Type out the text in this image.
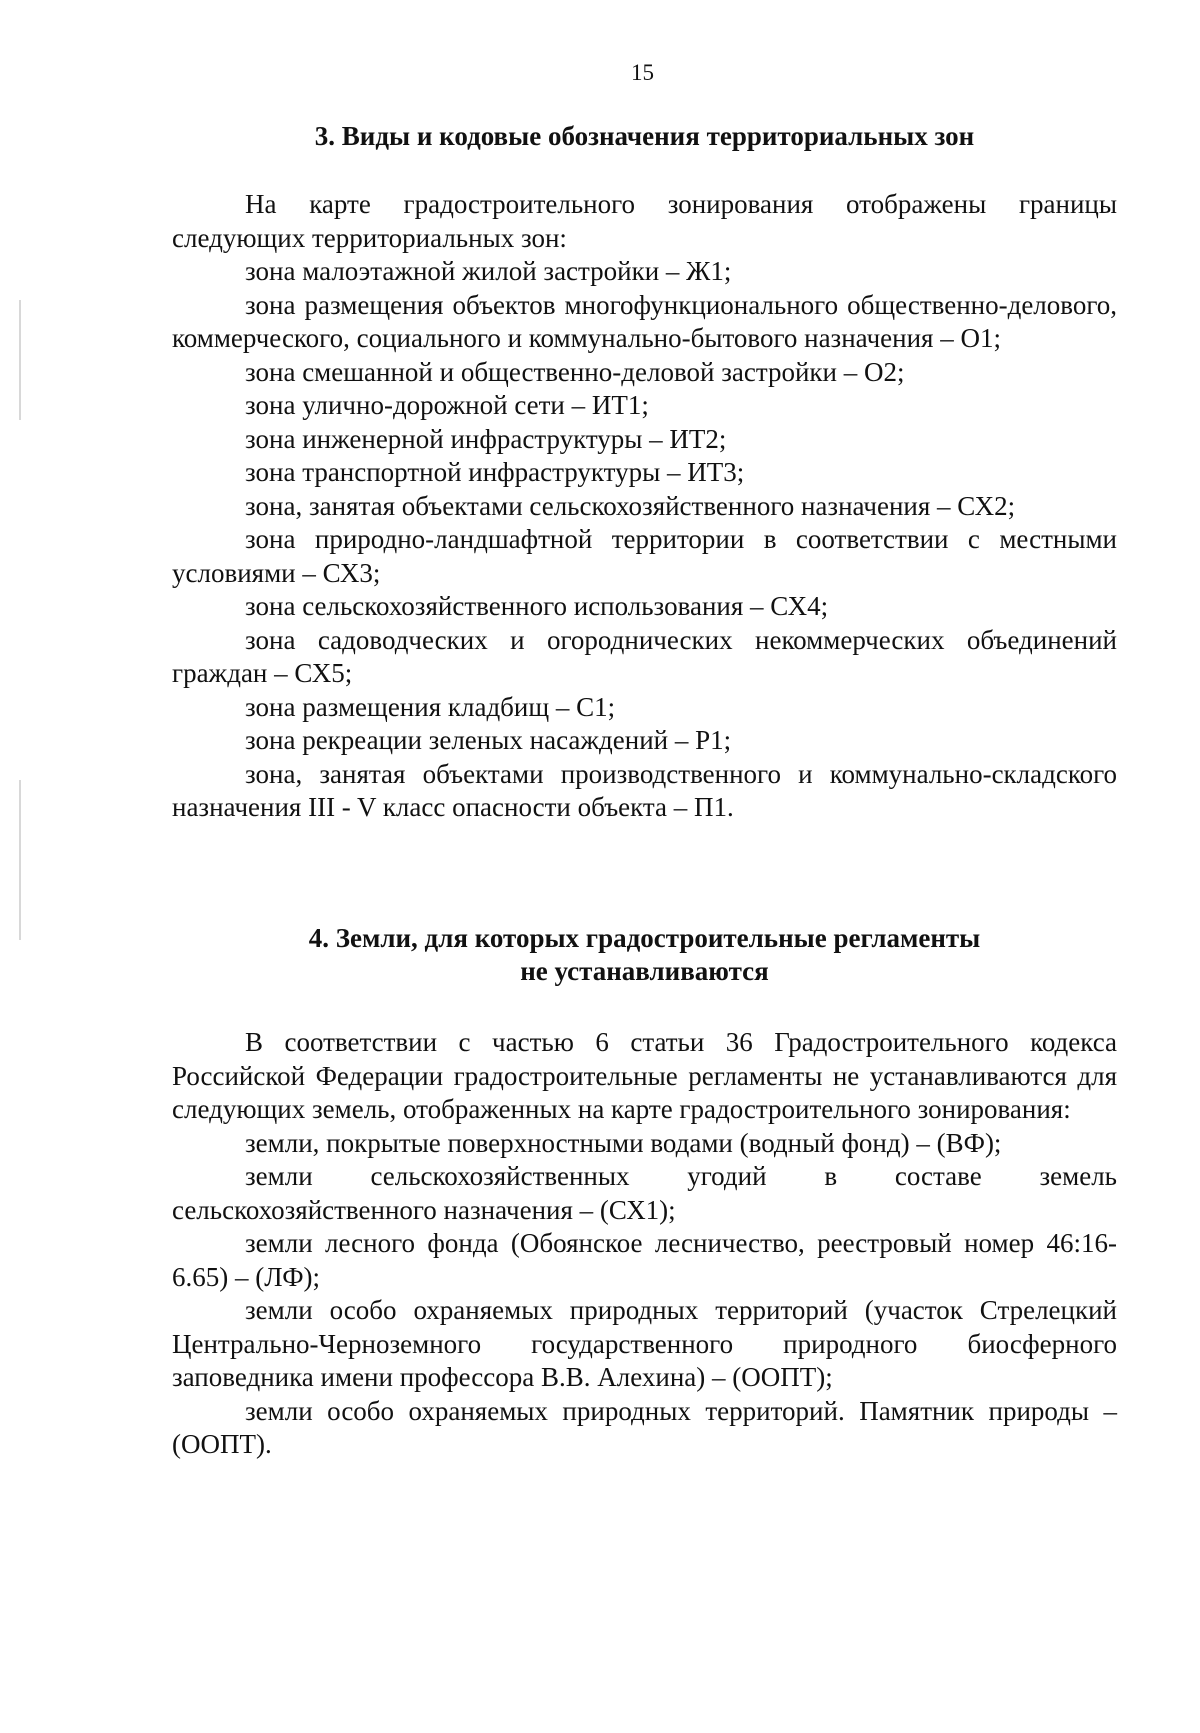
15
3. Виды и кодовые обозначения территориальных зон

На карте градостроительного зонирования отображены границы следующих территориальных зон:

зона малоэтажной жилой застройки – Ж1;

зона размещения объектов многофункционального общественно-делового, коммерческого, социального и коммунально-бытового назначения – О1;

зона смешанной и общественно-деловой застройки – О2;

зона улично-дорожной сети – ИТ1;

зона инженерной инфраструктуры – ИТ2;

зона транспортной инфраструктуры – ИТ3;

зона, занятая объектами сельскохозяйственного назначения – СХ2;

зона природно-ландшафтной территории в соответствии с местными условиями – СХ3;

зона сельскохозяйственного использования – СХ4;

зона садоводческих и огороднических некоммерческих объединений граждан – СХ5;

зона размещения кладбищ – С1;

зона рекреации зеленых насаждений – Р1;

зона, занятая объектами производственного и коммунально-складского назначения III - V класс опасности объекта – П1.

4. Земли, для которых градостроительные регламенты
не устанавливаются

В соответствии с частью 6 статьи 36 Градостроительного кодекса Российской Федерации градостроительные регламенты не устанавливаются для следующих земель, отображенных на карте градостроительного зонирования:

земли, покрытые поверхностными водами (водный фонд) – (ВФ);

земли сельскохозяйственных угодий в составе земель сельскохозяйственного назначения – (СХ1);

земли лесного фонда (Обоянское лесничество, реестровый номер 46:16-6.65) – (ЛФ);

земли особо охраняемых природных территорий (участок Стрелецкий Центрально-Черноземного государственного природного биосферного заповедника имени профессора В.В. Алехина) – (ООПТ);

земли особо охраняемых природных территорий. Памятник природы – (ООПТ).
